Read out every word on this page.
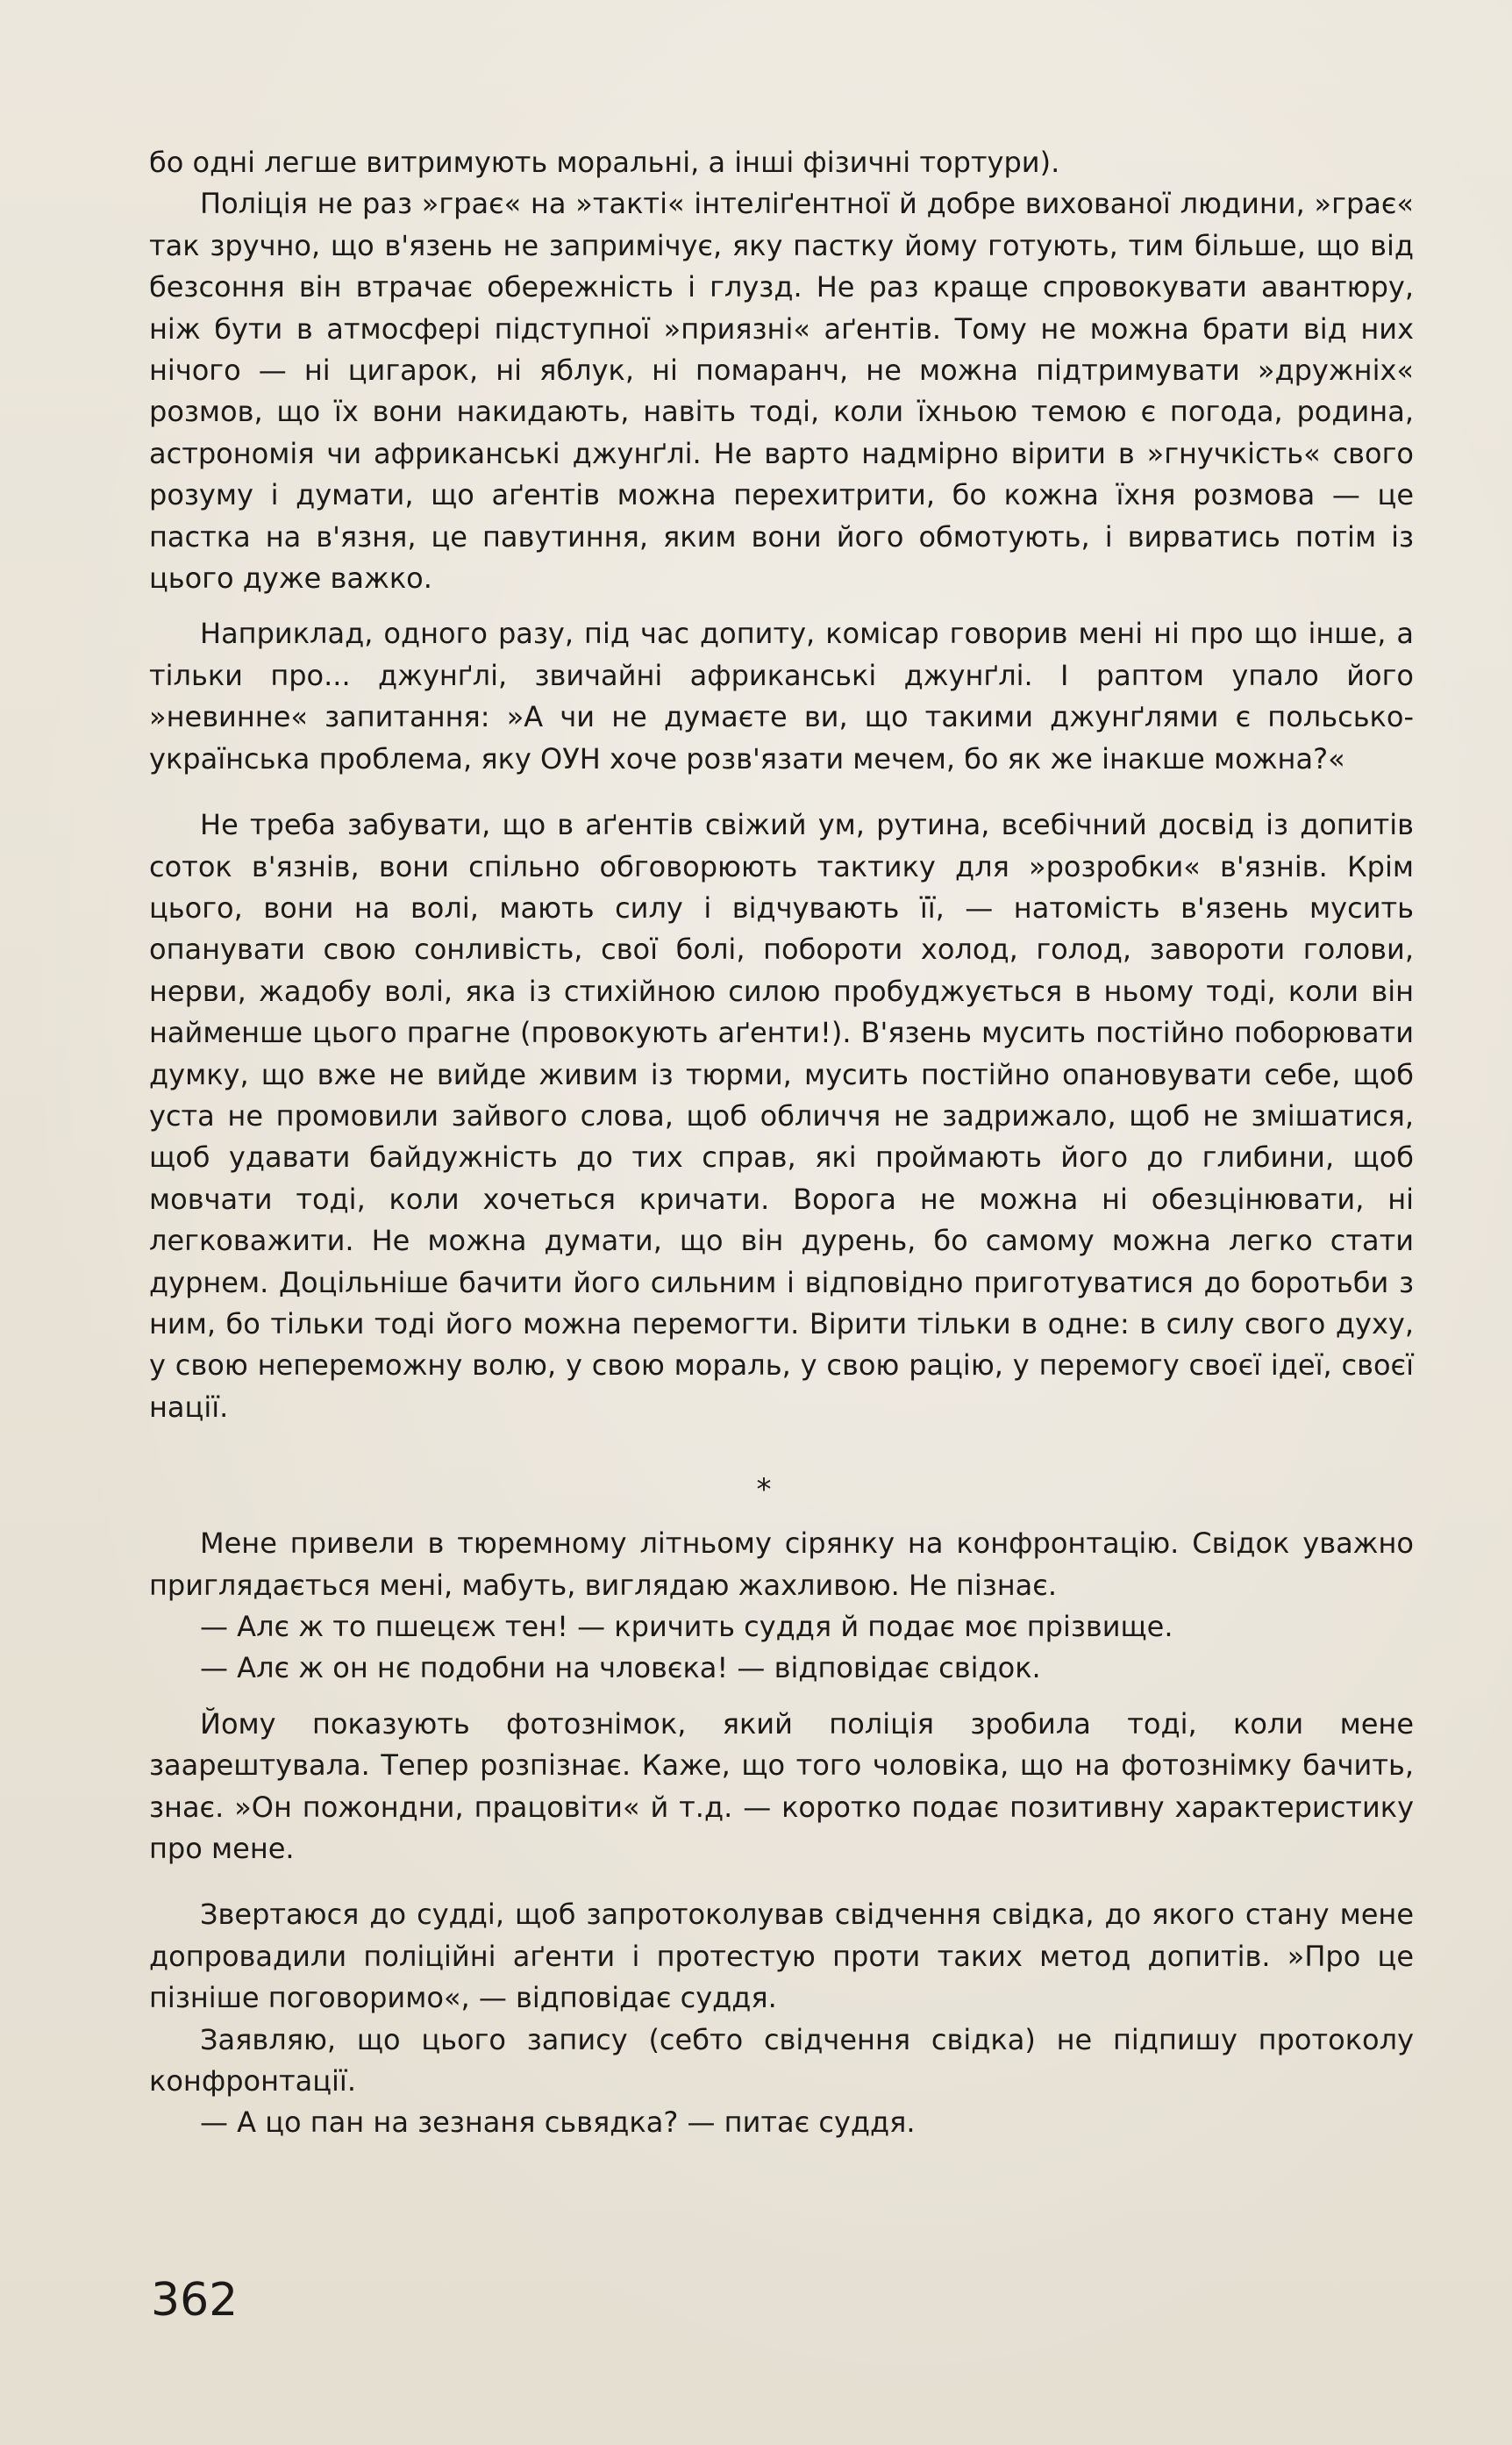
бо одні легше витримують моральні, а інші фізичні тортури).

Поліція не раз »грає« на »такті« інтеліґентної й добре вихованої людини, »грає« так зручно, що в'язень не запримічує, яку пастку йому готують, тим більше, що від безсоння він втрачає обережність і глузд. Не раз краще спровокувати авантюру, ніж бути в атмосфері підступної »приязні« аґентів. Тому не можна брати від них нічого — ні цигарок, ні яблук, ні помаранч, не можна підтримувати »дружніх« розмов, що їх вони накидають, навіть тоді, коли їхньою темою є погода, родина, астрономія чи африканські джунґлі. Не варто надмірно вірити в »гнучкість« свого розуму і думати, що аґентів можна перехитрити, бо кожна їхня розмова — це пастка на в'язня, це павутиння, яким вони його обмотують, і вирватись потім із цього дуже важко.

Наприклад, одного разу, під час допиту, комісар говорив мені ні про що інше, а тільки про... джунґлі, звичайні африканські джунґлі. І раптом упало його »невинне« запитання: »А чи не думаєте ви, що такими джунґлями є польсько-українська проблема, яку ОУН хоче розв'язати мечем, бо як же інакше можна?«

Не треба забувати, що в аґентів свіжий ум, рутина, всебічний досвід із допитів соток в'язнів, вони спільно обговорюють тактику для »розробки« в'язнів. Крім цього, вони на волі, мають силу і відчувають її, — натомість в'язень мусить опанувати свою сонливість, свої болі, побороти холод, голод, завороти голови, нерви, жадобу волі, яка із стихійною силою пробуджується в ньому тоді, коли він найменше цього прагне (провокують аґенти!). В'язень мусить постійно поборювати думку, що вже не вийде живим із тюрми, мусить постійно опановувати себе, щоб уста не промовили зайвого слова, щоб обличчя не задрижало, щоб не змішатися, щоб удавати байдужність до тих справ, які проймають його до глибини, щоб мовчати тоді, коли хочеться кричати. Ворога не можна ні обезцінювати, ні легковажити. Не можна думати, що він дурень, бо самому можна легко стати дурнем. Доцільніше бачити його сильним і відповідно приготуватися до боротьби з ним, бо тільки тоді його можна перемогти. Вірити тільки в одне: в силу свого духу, у свою непереможну волю, у свою мораль, у свою рацію, у перемогу своєї ідеї, своєї нації.

*

Мене привели в тюремному літньому сірянку на конфронтацію. Свідок уважно приглядається мені, мабуть, виглядаю жахливою. Не пізнає.

— Алє ж то пшецєж тен! — кричить суддя й подає моє прізвище.

— Алє ж он нє подобни на чловєка! — відповідає свідок.

Йому показують фотознімок, який поліція зробила тоді, коли мене заарештувала. Тепер розпізнає. Каже, що того чоловіка, що на фотознімку бачить, знає. »Он пожондни, працовіти« й т.д. — коротко подає позитивну характеристику про мене.

Звертаюся до судді, щоб запротоколував свідчення свідка, до якого стану мене допровадили поліційні аґенти і протестую проти таких метод допитів. »Про це пізніше поговоримо«, — відповідає суддя.

Заявляю, що цього запису (себто свідчення свідка) не підпишу протоколу конфронтації.

— А цо пан на зезнаня сьвядка? — питає суддя.

362
